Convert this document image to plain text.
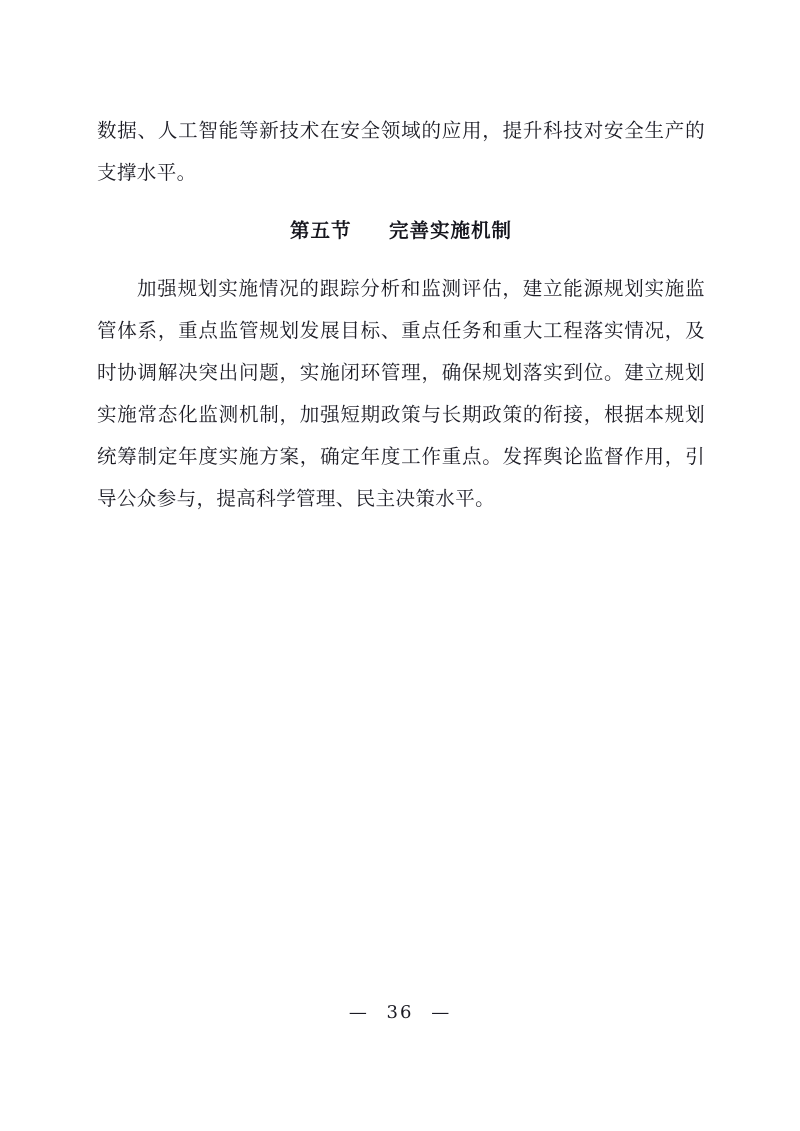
数据、人工智能等新技术在安全领域的应用，提升科技对安全生产的支撑水平。

第五节 完善实施机制

加强规划实施情况的跟踪分析和监测评估，建立能源规划实施监管体系，重点监管规划发展目标、重点任务和重大工程落实情况，及时协调解决突出问题，实施闭环管理，确保规划落实到位。建立规划实施常态化监测机制，加强短期政策与长期政策的衔接，根据本规划统筹制定年度实施方案，确定年度工作重点。发挥舆论监督作用，引导公众参与，提高科学管理、民主决策水平。

— 36 —
